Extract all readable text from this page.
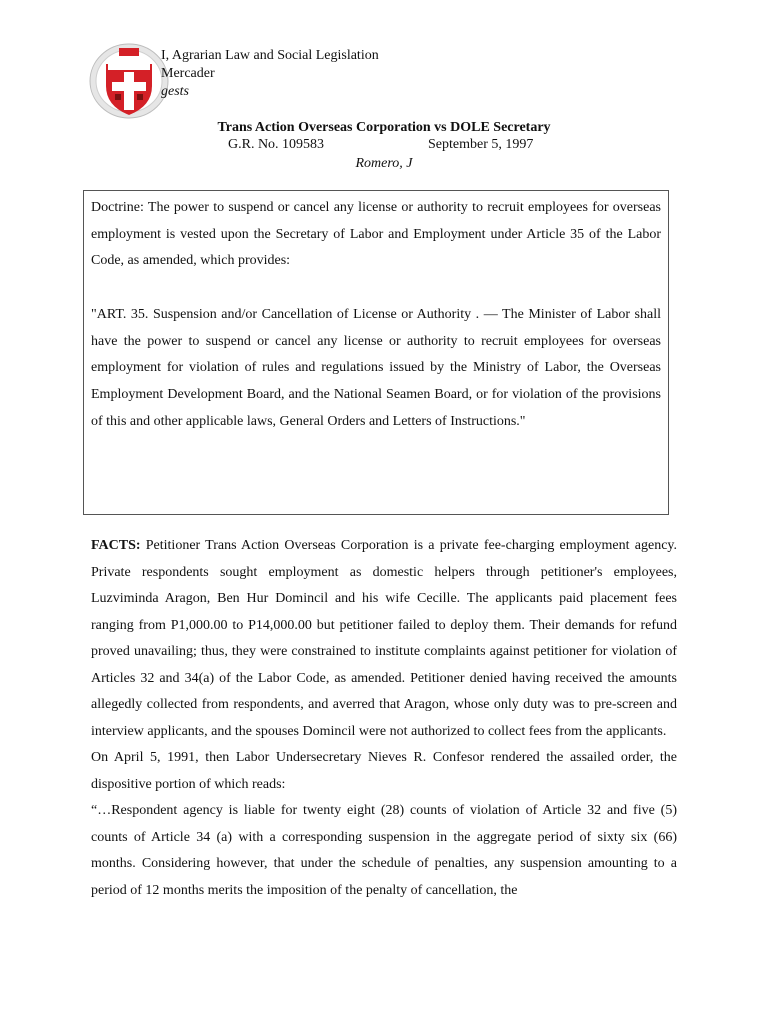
I, Agrarian Law and Social Legislation
Mercader
gests
Trans Action Overseas Corporation vs DOLE Secretary
G.R. No. 109583	September 5, 1997
Romero, J

Doctrine: The power to suspend or cancel any license or authority to recruit employees for overseas employment is vested upon the Secretary of Labor and Employment under Article 35 of the Labor Code, as amended, which provides:

"ART. 35. Suspension and/or Cancellation of License or Authority . — The Minister of Labor shall have the power to suspend or cancel any license or authority to recruit employees for overseas employment for violation of rules and regulations issued by the Ministry of Labor, the Overseas Employment Development Board, and the National Seamen Board, or for violation of the provisions of this and other applicable laws, General Orders and Letters of Instructions."

FACTS: Petitioner Trans Action Overseas Corporation is a private fee-charging employment agency. Private respondents sought employment as domestic helpers through petitioner's employees, Luzviminda Aragon, Ben Hur Domincil and his wife Cecille. The applicants paid placement fees ranging from P1,000.00 to P14,000.00 but petitioner failed to deploy them. Their demands for refund proved unavailing; thus, they were constrained to institute complaints against petitioner for violation of Articles 32 and 34(a) of the Labor Code, as amended. Petitioner denied having received the amounts allegedly collected from respondents, and averred that Aragon, whose only duty was to pre-screen and interview applicants, and the spouses Domincil were not authorized to collect fees from the applicants.

On April 5, 1991, then Labor Undersecretary Nieves R. Confesor rendered the assailed order, the dispositive portion of which reads:

“…Respondent agency is liable for twenty eight (28) counts of violation of Article 32 and five (5) counts of Article 34 (a) with a corresponding suspension in the aggregate period of sixty six (66) months. Considering however, that under the schedule of penalties, any suspension amounting to a period of 12 months merits the imposition of the penalty of cancellation, the
